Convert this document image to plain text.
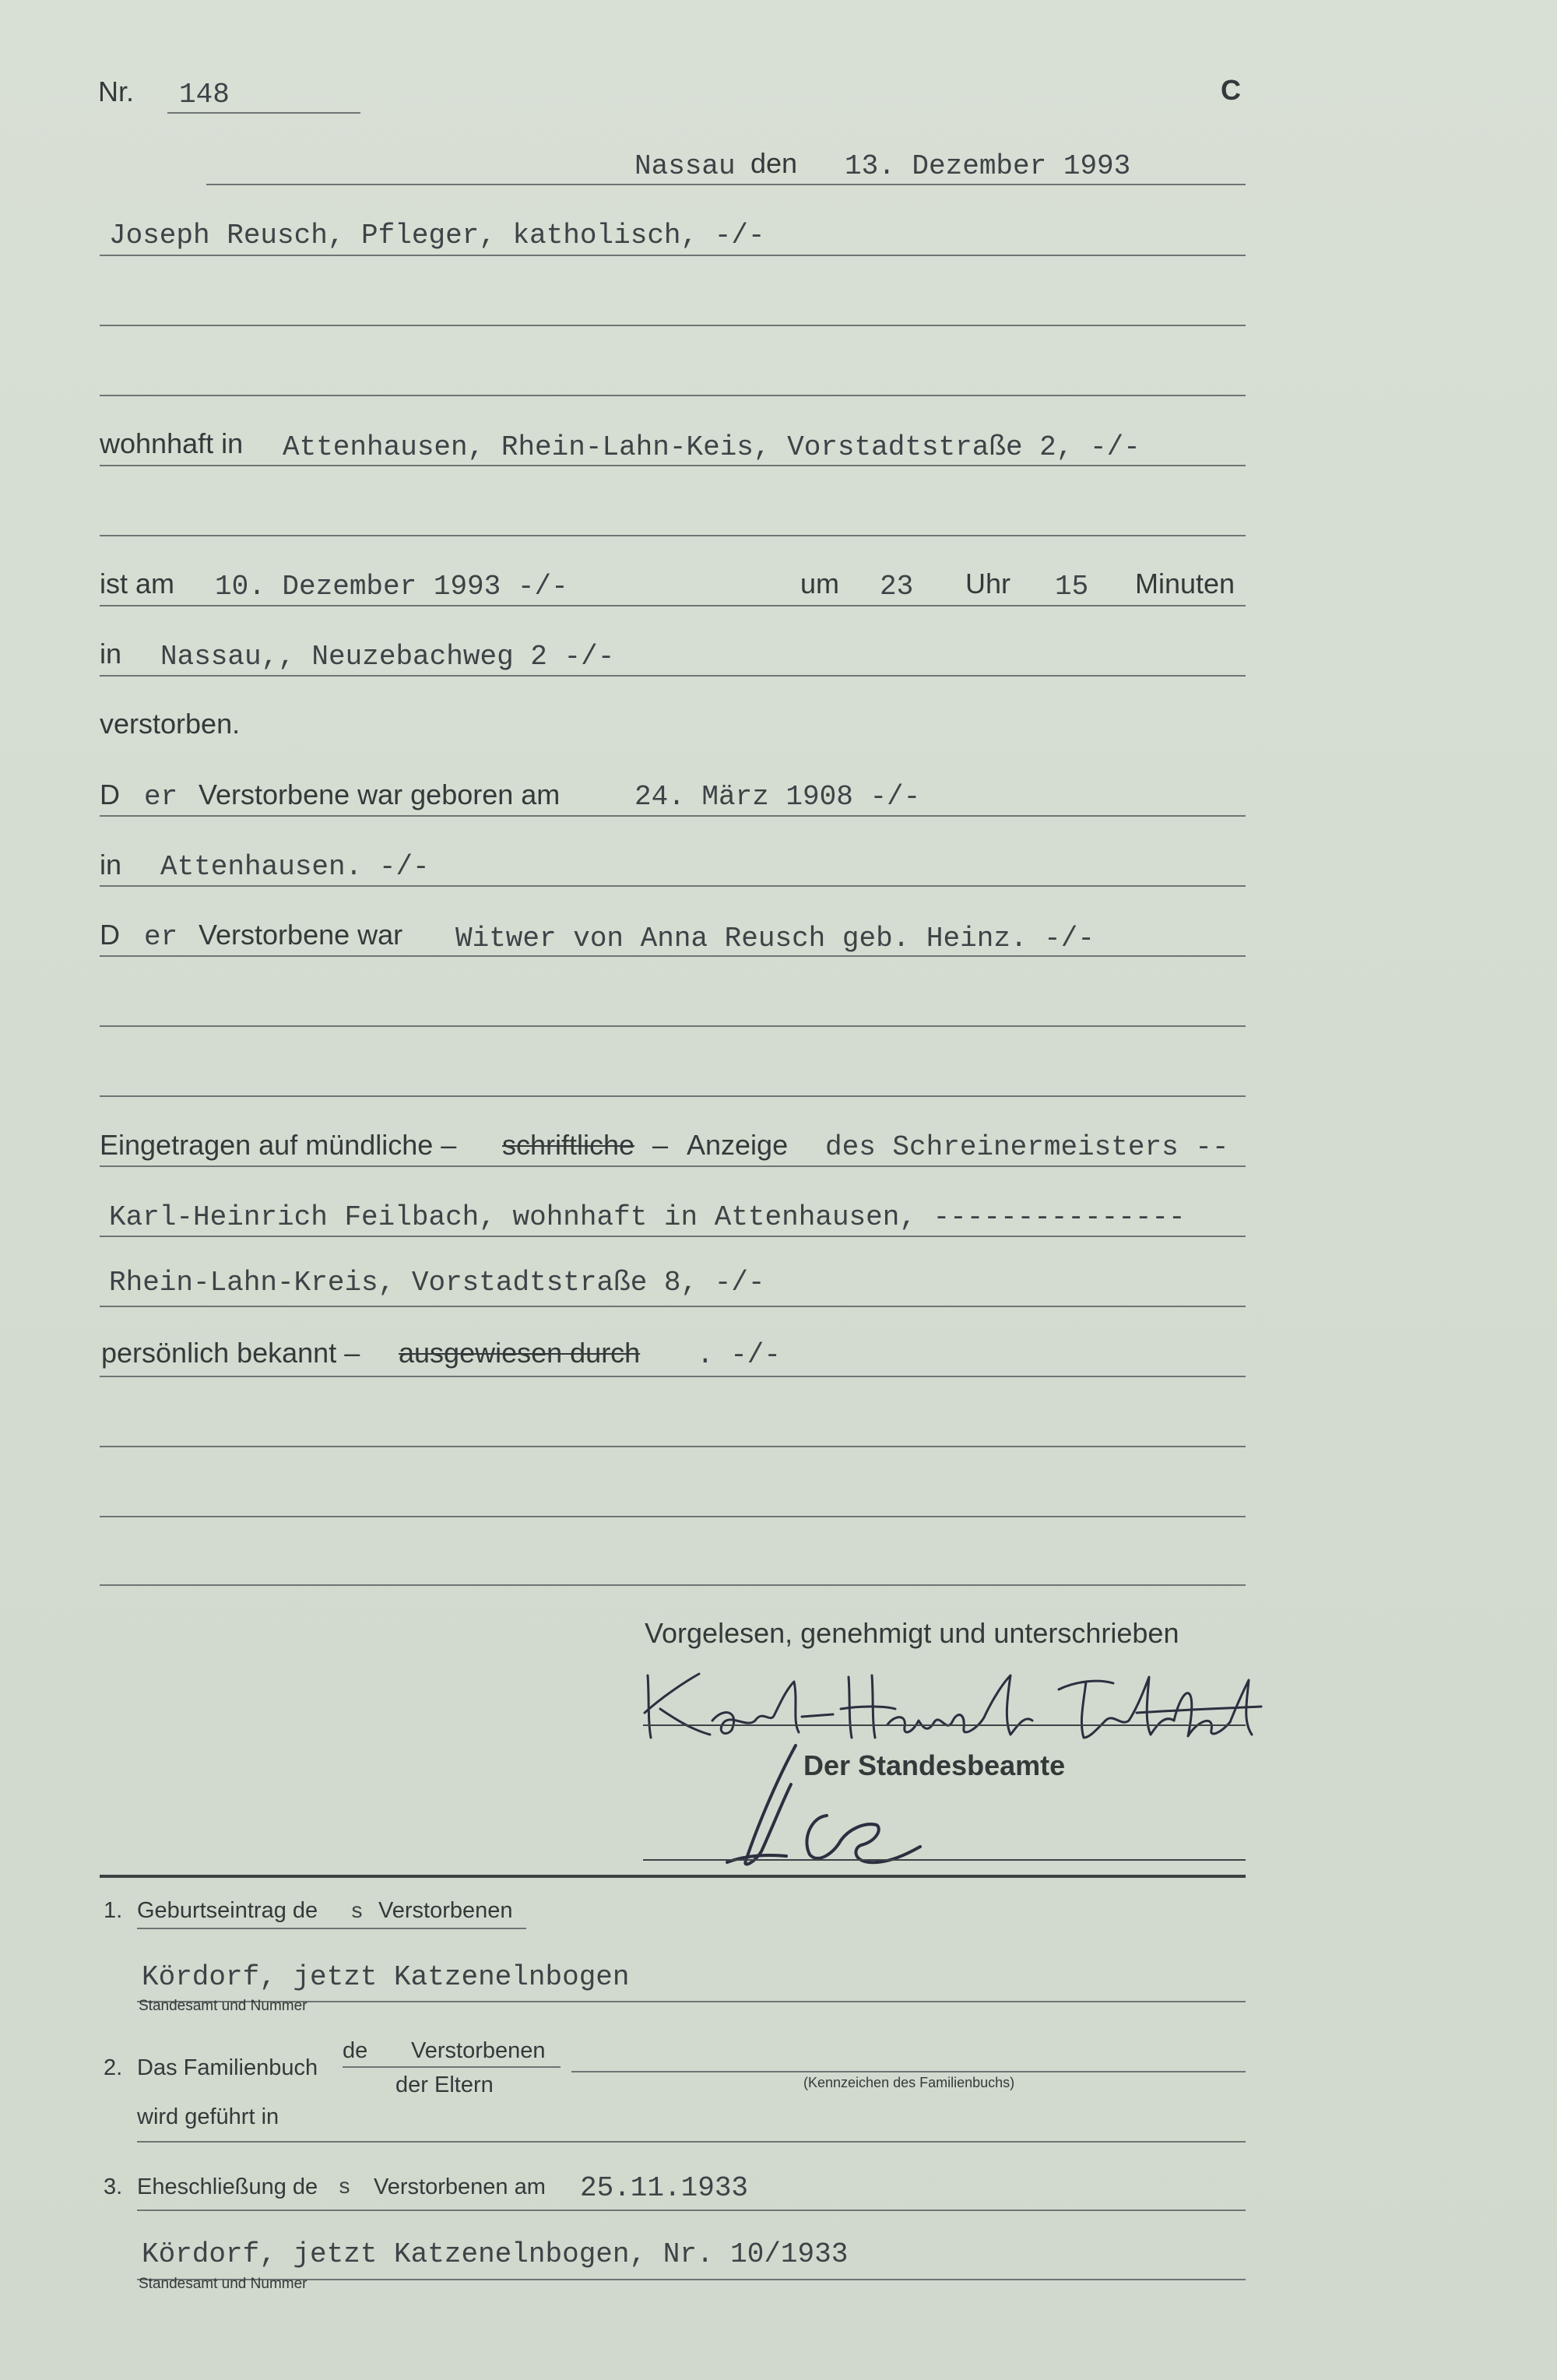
Nr. 148	C
Nassau den 13. Dezember 1993
Joseph Reusch, Pfleger, katholisch, -/-
wohnhaft in Attenhausen, Rhein-Lahn-Keis, Vorstadtstraße 2, -/-
ist am 10. Dezember 1993 -/-	um 23 Uhr 15 Minuten
in Nassau,, Neuzebachweg 2 -/-
verstorben.
D er Verstorbene war geboren am	24. März 1908 -/-
in Attenhausen. -/-
D er Verstorbene war Witwer von Anna Reusch geb. Heinz. -/-
Eingetragen auf mündliche – schriftliche – Anzeige des Schreinermeisters --
Karl-Heinrich Feilbach, wohnhaft in Attenhausen, ---------------
Rhein-Lahn-Kreis, Vorstadtstraße 8, -/-
persönlich bekannt – ausgewiesen durch . -/-
Vorgelesen, genehmigt und unterschrieben
Der Standesbeamte
1. Geburtseintrag de s Verstorbenen
Kördorf, jetzt Katzenelnbogen
Standesamt und Nummer
2. Das Familienbuch
de Verstorbenen
der Eltern	(Kennzeichen des Familienbuchs)
wird geführt in
3. Eheschließung de s Verstorbenen am 25.11.1933
Kördorf, jetzt Katzenelnbogen, Nr. 10/1933
Standesamt und Nummer
